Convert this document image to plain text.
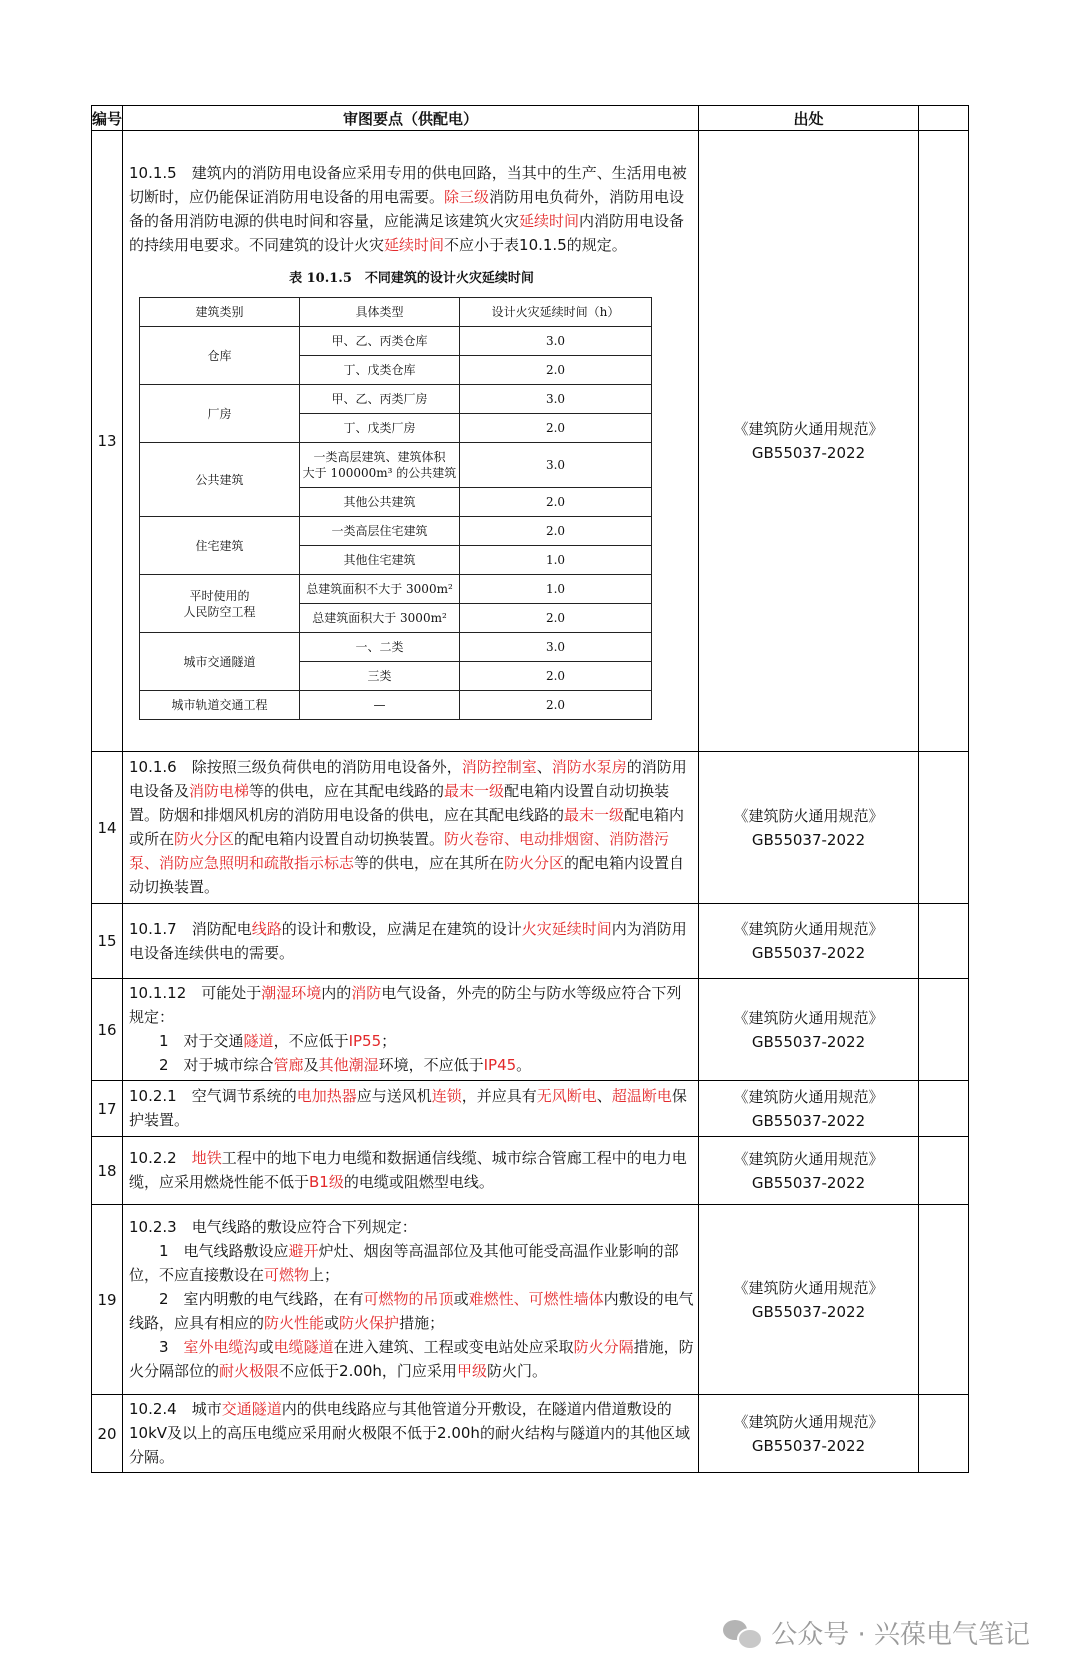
编号	审图要点（供配电）	出处	
13	

10.1.5　建筑内的消防用电设备应采用专用的供电回路，当其中的生产、生活用电被切断时，应仍能保证消防用电设备的用电需要。除三级消防用电负荷外，消防用电设备的备用消防电源的供电时间和容量，应能满足该建筑火灾延续时间内消防用电设备的持续用电要求。不同建筑的设计火灾延续时间不应小于表10.1.5的规定。

表 10.1.5　不同建筑的设计火灾延续时间
建筑类别	具体类型	设计火灾延续时间（h）
仓库	甲、乙、丙类仓库	3.0
丁、戊类仓库	2.0
厂房	甲、乙、丙类厂房	3.0
丁、戊类厂房	2.0
公共建筑	一类高层建筑、建筑体积
大于 100000m³ 的公共建筑	3.0
其他公共建筑	2.0
住宅建筑	一类高层住宅建筑	2.0
其他住宅建筑	1.0
平时使用的
人民防空工程	总建筑面积不大于 3000m²	1.0
总建筑面积大于 3000m²	2.0
城市交通隧道	一、二类	3.0
三类	2.0
城市轨道交通工程	—	2.0
	《建筑防火通用规范》
GB55037-2022	
14	10.1.6　除按照三级负荷供电的消防用电设备外，消防控制室、消防水泵房的消防用电设备及消防电梯等的供电，应在其配电线路的最末一级配电箱内设置自动切换装置。防烟和排烟风机房的消防用电设备的供电，应在其配电线路的最末一级配电箱内或所在防火分区的配电箱内设置自动切换装置。防火卷帘、电动排烟窗、消防潜污泵、消防应急照明和疏散指示标志等的供电，应在其所在防火分区的配电箱内设置自动切换装置。	《建筑防火通用规范》
GB55037-2022	
15	10.1.7　消防配电线路的设计和敷设，应满足在建筑的设计火灾延续时间内为消防用电设备连续供电的需要。	《建筑防火通用规范》
GB55037-2022	
16	
10.1.12　可能处于潮湿环境内的消防电气设备，外壳的防尘与防水等级应符合下列规定：
1　对于交通隧道，不应低于IP55；
2　对于城市综合管廊及其他潮湿环境，不应低于IP45。
	《建筑防火通用规范》
GB55037-2022	
17	10.2.1　空气调节系统的电加热器应与送风机连锁，并应具有无风断电、超温断电保护装置。	《建筑防火通用规范》
GB55037-2022	
18	10.2.2　地铁工程中的地下电力电缆和数据通信线缆、城市综合管廊工程中的电力电缆，应采用燃烧性能不低于B1级的电缆或阻燃型电线。	《建筑防火通用规范》
GB55037-2022	
19	
10.2.3　电气线路的敷设应符合下列规定：
1　电气线路敷设应避开炉灶、烟囱等高温部位及其他可能受高温作业影响的部位，不应直接敷设在可燃物上；
2　室内明敷的电气线路，在有可燃物的吊顶或难燃性、可燃性墙体内敷设的电气线路，应具有相应的防火性能或防火保护措施；
3　室外电缆沟或电缆隧道在进入建筑、工程或变电站处应采取防火分隔措施，防火分隔部位的耐火极限不应低于2.00h，门应采用甲级防火门。
	《建筑防火通用规范》
GB55037-2022	
20	10.2.4　城市交通隧道内的供电线路应与其他管道分开敷设，在隧道内借道敷设的10kV及以上的高压电缆应采用耐火极限不低于2.00h的耐火结构与隧道内的其他区域分隔。	《建筑防火通用规范》
GB55037-2022	
公众号 · 兴葆电气笔记
